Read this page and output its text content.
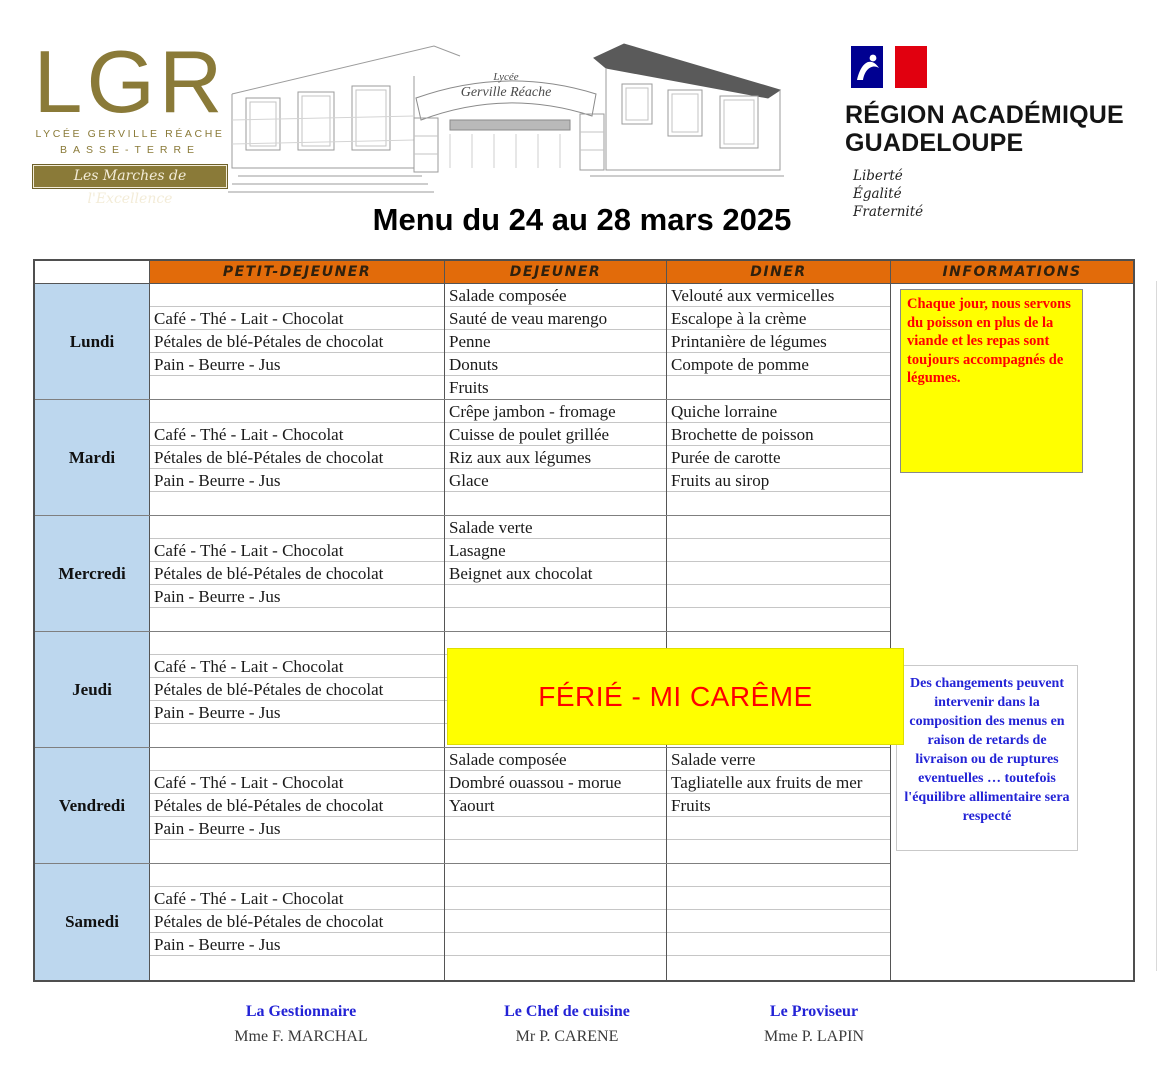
LGR
LYCÉE GERVILLE RÉACHE
BASSE-TERRE
Les Marches de l'Excellence
Lycée
Gerville Réache
RÉGION ACADÉMIQUE
GUADELOUPE
Liberté
Égalité
Fraternité
Menu du 24 au 28 mars 2025
PETIT-DEJEUNER	DEJEUNER	DINER
Lundi
Café - Thé - Lait - Chocolat
Pétales de blé-Pétales de chocolat
Pain - Beurre - Jus
Salade composée
Sauté de veau marengo
Penne
Donuts
Fruits
Velouté aux vermicelles
Escalope à la crème
Printanière de légumes
Compote de pomme
Mardi
Café - Thé - Lait - Chocolat
Pétales de blé-Pétales de chocolat
Pain - Beurre - Jus
Crêpe jambon - fromage
Cuisse de poulet grillée
Riz aux aux légumes
Glace
Quiche lorraine
Brochette de poisson
Purée de carotte
Fruits au sirop
Mercredi
Café - Thé - Lait - Chocolat
Pétales de blé-Pétales de chocolat
Pain - Beurre - Jus
Salade verte
Lasagne
Beignet aux chocolat
Jeudi
Café - Thé - Lait - Chocolat
Pétales de blé-Pétales de chocolat
Pain - Beurre - Jus
Vendredi
Café - Thé - Lait - Chocolat
Pétales de blé-Pétales de chocolat
Pain - Beurre - Jus
Salade composée
Dombré ouassou - morue
Yaourt
Salade verre
Tagliatelle aux fruits de mer
Fruits
Samedi
Café - Thé - Lait - Chocolat
Pétales de blé-Pétales de chocolat
Pain - Beurre - Jus
INFORMATIONS
Chaque jour, nous servons du poisson en plus de la viande et les repas sont toujours accompagnés de légumes.
Des changements peuvent intervenir dans la composition des menus en raison de retards de livraison ou de ruptures eventuelles … toutefois l'équilibre allimentaire sera respecté
FÉRIÉ - MI CARÊME
La Gestionnaire
Mme F. MARCHAL
Le Chef de cuisine
Mr P. CARENE
Le Proviseur
Mme P. LAPIN
